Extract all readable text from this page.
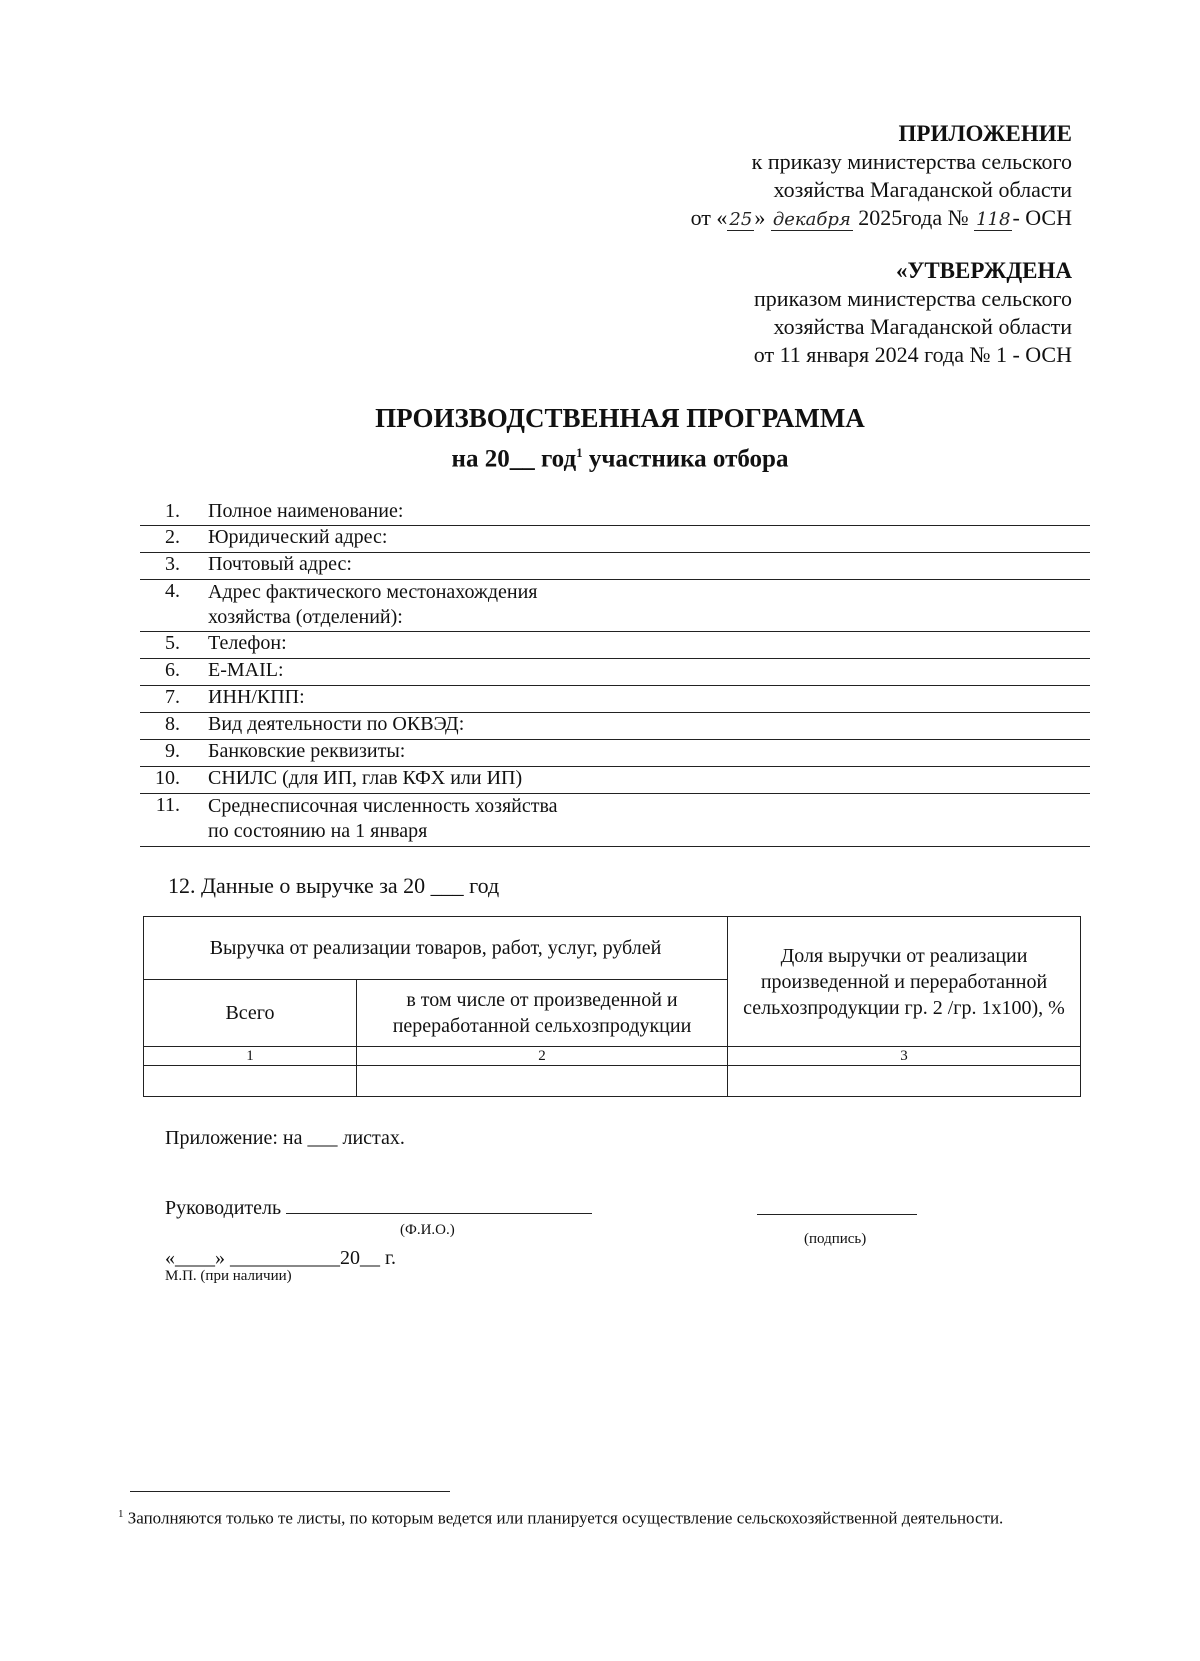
ПРИЛОЖЕНИЕ
к приказу министерства сельского
хозяйства Магаданской области
от « 25» декабря 2025года № 118- ОСН
«УТВЕРЖДЕНА
приказом министерства сельского
хозяйства Магаданской области
от 11 января 2024 года № 1 - ОСН
ПРОИЗВОДСТВЕННАЯ ПРОГРАММА
на 20__ год$^1$ участника отбора
1. Полное наименование:
2. Юридический адрес:
3. Почтовый адрес:
4. Адрес фактического местонахождения
хозяйства (отделений):
5. Телефон:
6. E-MAIL:
7. ИНН/КПП:
8. Вид деятельности по ОКВЭД:
9. Банковские реквизиты:
10. СНИЛС (для ИП, глав КФХ или ИП)
11. Среднесписочная численность хозяйства
по состоянию на 1 января
12. Данные о выручке за 20 ___ год
Выручка от реализации товаров, работ, услуг, рублей		Доля выручки от реализации произведенной и переработанной сельхозпродукции гр. 2 /гр. 1х100), %
Всего	в том числе от произведенной и переработанной сельхозпродукции	
1	2	3

Приложение: на ___ листах.
Руководитель
(Ф.И.О.)
(подпись)
«____» ___________20__ г.
М.П. (при наличии)
$^1$ Заполняются только те листы, по которым ведется или планируется осуществление сельскохозяйственной деятельности.
